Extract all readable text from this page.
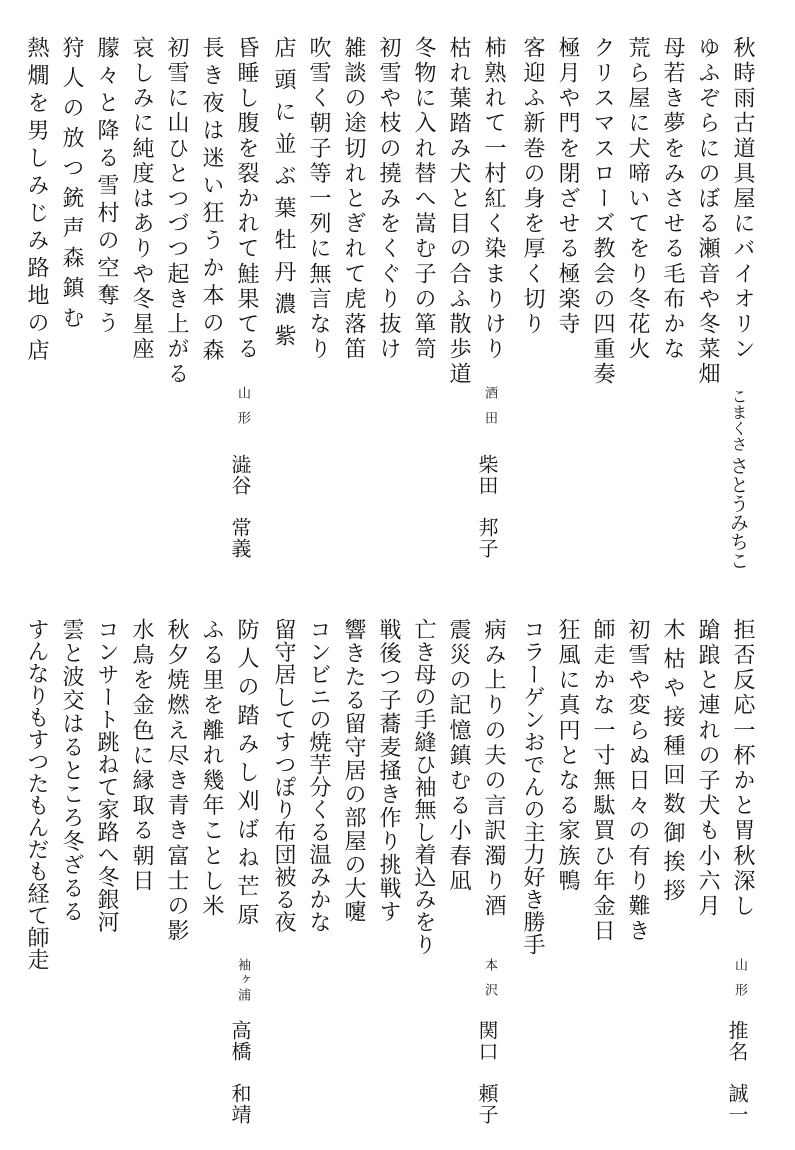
こまくさ
さとうみちこ

秋時雨古道具屋にバイオリン

ゆふぞらにのぼる瀬音や冬菜畑

母若き夢をみさせる毛布かな

荒ら屋に犬啼いてをり冬花火

クリスマスローズ教会の四重奏

極月や門を閉ざせる極楽寺

客迎ふ新巻の身を厚く切り

酒田
柴田　邦子

柿熟れて一村紅く染まりけり

枯れ葉踏み犬と目の合ふ散歩道

冬物に入れ替へ嵩む子の箪笥

初雪や枝の撓みをくぐり抜け

雑談の途切れとぎれて虎落笛

吹雪く朝子等一列に無言なり

店頭に並ぶ葉牡丹濃紫

山形
澁谷　常義

昏睡し腹を裂かれて鮭果てる

長き夜は迷い狂うか本の森

初雪に山ひとつづつ起き上がる

哀しみに純度はありや冬星座

朦々と降る雪村の空奪う

狩人の放つ銃声森鎮む

熱燗を男しみじみ路地の店

山形
推名　誠一

拒否反応一杯かと胃秋深し

蹌踉と連れの子犬も小六月

木枯や接種回数御挨拶

初雪や変らぬ日々の有り難き

師走かな一寸無駄買ひ年金日

狂風に真円となる家族鴨

コラーゲンおでんの主力好き勝手

本沢
関口　頼子

病み上りの夫の言訳濁り酒

震災の記憶鎮むる小春凪

亡き母の手縫ひ袖無し着込みをり

戦後つ子蕎麦掻き作り挑戦す

響きたる留守居の部屋の大嚔

コンビニの焼芋分くる温みかな

留守居してすつぽり布団被る夜

袖ヶ浦
高橋　和靖

防人の踏みし刈ばね芒原

ふる里を離れ幾年ことし米

秋夕焼燃え尽き青き富士の影

水鳥を金色に縁取る朝日

コンサート跳ねて家路へ冬銀河

雲と波交はるところ冬ざるる

すんなりもすつたもんだも経て師走
